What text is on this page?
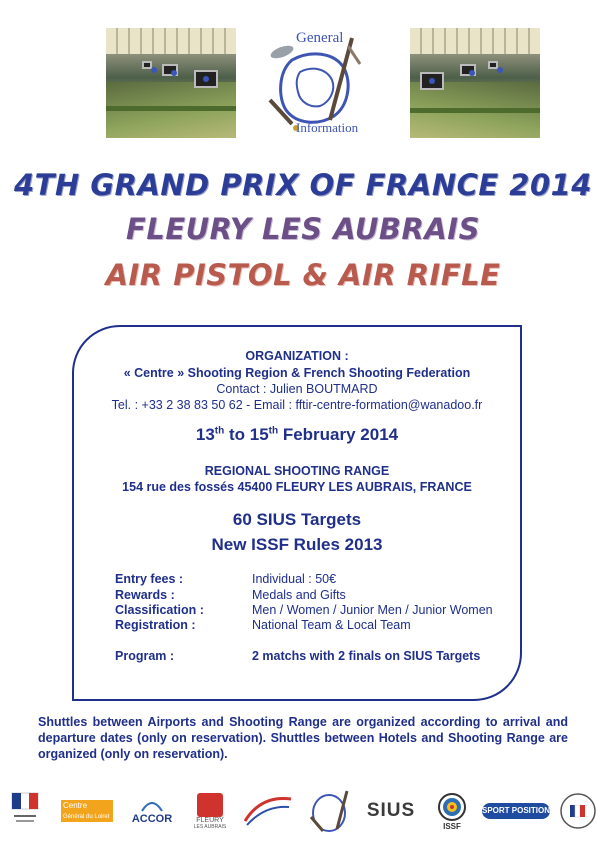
General
Information
4TH GRAND PRIX OF FRANCE 2014
FLEURY LES AUBRAIS
AIR PISTOL & AIR RIFLE
ORGANIZATION :
« Centre » Shooting Region & French Shooting Federation
Contact : Julien BOUTMARD
Tel. : +33 2 38 83 50 62 - Email : fftir-centre-formation@wanadoo.fr
13th to 15th February 2014
REGIONAL SHOOTING RANGE
154 rue des fossés 45400 FLEURY LES AUBRAIS, FRANCE
60 SIUS Targets
New ISSF Rules 2013
Entry fees :	Individual : 50€
Rewards :	Medals and Gifts
Classification :	Men / Women / Junior Men / Junior Women
Registration :	National Team & Local Team
Program :	2 matchs with 2 finals on SIUS Targets
Shuttles between Airports and Shooting Range are organized according to arrival and departure dates (only on reservation). Shuttles between Hotels and Shooting Range are organized (only on reservation).
Centre
Général du Loiret	ACCOR	FLEURY
LES AUBRAIS
SIUS
ISSF
SPORT POSITION
